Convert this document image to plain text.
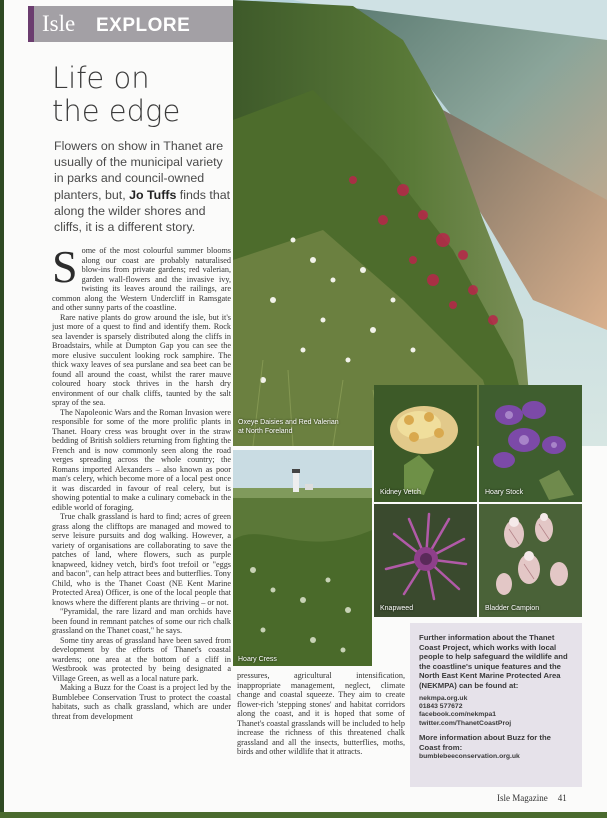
Isle EXPLORE
Life on
the edge
Flowers on show in Thanet are usually of the municipal variety in parks and council-owned planters, but, Jo Tuffs finds that along the wilder shores and cliffs, it is a different story.

Some of the most colourful summer blooms along our coast are probably naturalised blow-ins from private gardens; red valerian, garden wall-flowers and the invasive ivy, twisting its leaves around the railings, are common along the Western Undercliff in Ramsgate and other sunny parts of the coastline.

Rare native plants do grow around the isle, but it's just more of a quest to find and identify them. Rock sea lavender is sparsely distributed along the cliffs in Broadstairs, while at Dumpton Gap you can see the more elusive succulent looking rock samphire. The thick waxy leaves of sea purslane and sea beet can be found all around the coast, whilst the rarer mauve coloured hoary stock thrives in the harsh dry environment of our chalk cliffs, taunted by the salt spray of the sea.

The Napoleonic Wars and the Roman Invasion were responsible for some of the more prolific plants in Thanet. Hoary cress was brought over in the straw bedding of British soldiers returning from fighting the French and is now commonly seen along the road verges spreading across the whole country; the Romans imported Alexanders – also known as poor man's celery, which become more of a local pest once it was discarded in favour of real celery, but is showing potential to make a culinary comeback in the edible world of foraging.

True chalk grassland is hard to find; acres of green grass along the clifftops are managed and mowed to serve leisure pursuits and dog walking. However, a variety of organisations are collaborating to save the patches of land, where flowers, such as purple knapweed, kidney vetch, bird's foot trefoil or "eggs and bacon", can help attract bees and butterflies. Tony Child, who is the Thanet Coast (NE Kent Marine Protected Area) Officer, is one of the local people that knows where the different plants are thriving – or not.

"Pyramidal, the rare lizard and man orchids have been found in remnant patches of some our rich chalk grassland on the Thanet coast," he says.

Some tiny areas of grassland have been saved from development by the efforts of Thanet's coastal wardens; one area at the bottom of a cliff in Westbrook was protected by being designated a Village Green, as well as a local nature park.

Making a Buzz for the Coast is a project led by the Bumblebee Conservation Trust to protect the coastal habitats, such as chalk grassland, which are under threat from development

pressures, agricultural intensification, inappropriate management, neglect, climate change and coastal squeeze. They aim to create flower-rich 'stepping stones' and habitat corridors along the coast, and it is hoped that some of Thanet's coastal grasslands will be included to help increase the richness of this threatened chalk grassland and all the insects, butterflies, moths, birds and other wildlife that it attracts.

Oxeye Daisies and Red Valerian
at North Foreland
Hoary Cress
Kidney Vetch	Hoary Stock
Knapweed	Bladder Campion
Further information about the Thanet Coast Project, which works with local people to help safeguard the wildlife and the coastline's unique features and the North East Kent Marine Protected Area (NEKMPA) can be found at:
nekmpa.org.uk
01843 577672
facebook.com/nekmpa1
twitter.com/ThanetCoastProj
More information about Buzz for the Coast from:
bumblebeeconservation.org.uk
Isle Magazine 41
